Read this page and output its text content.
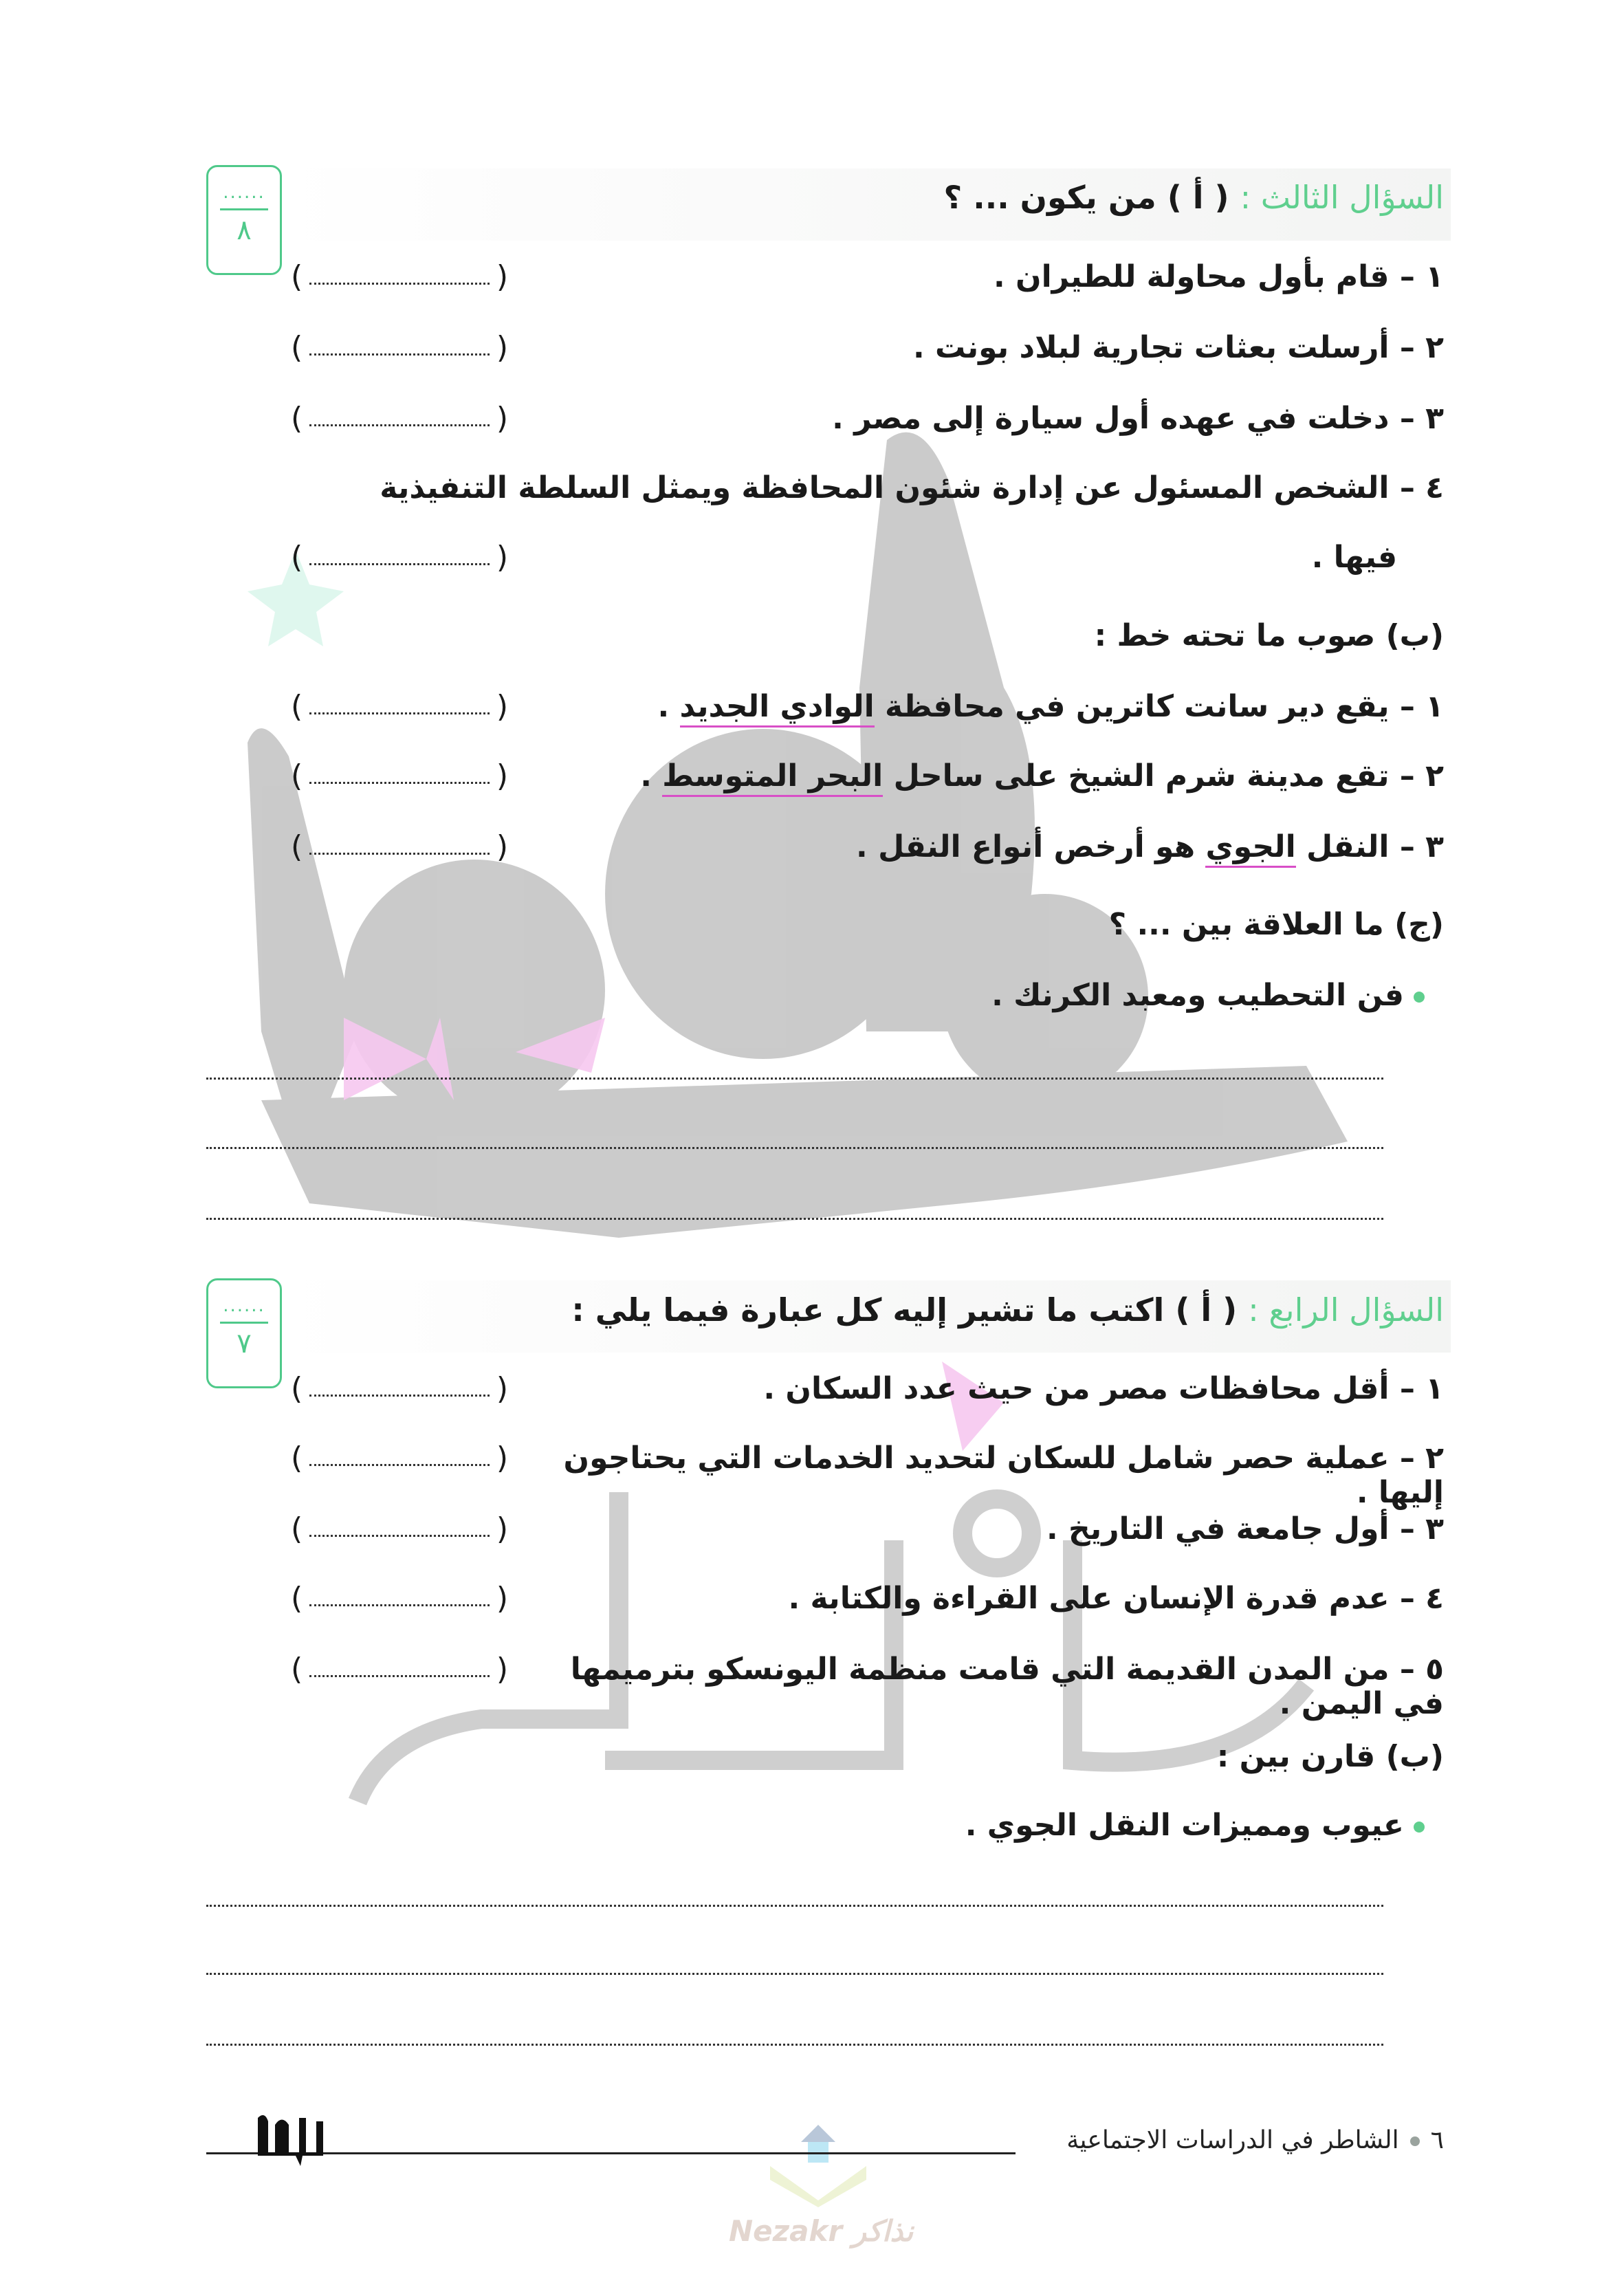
......
٨
السؤال الثالث : ( أ ) من يكون ... ؟
١ – قام بأول محاولة للطيران .
(	)
٢ – أرسلت بعثات تجارية لبلاد بونت .
(	)
٣ – دخلت في عهده أول سيارة إلى مصر .
(	)
٤ – الشخص المسئول عن إدارة شئون المحافظة ويمثل السلطة التنفيذية
فيها .
(	)
(ب) صوب ما تحته خط :
١ – يقع دير سانت كاترين في محافظة الوادي الجديد .
(	)
٢ – تقع مدينة شرم الشيخ على ساحل البحر المتوسط .
(	)
٣ – النقل الجوي هو أرخص أنواع النقل .
(	)
(ج) ما العلاقة بين ... ؟
فن التحطيب ومعبد الكرنك .
......
٧
السؤال الرابع : ( أ ) اكتب ما تشير إليه كل عبارة فيما يلي :
١ – أقل محافظات مصر من حيث عدد السكان .
(	)
٢ – عملية حصر شامل للسكان لتحديد الخدمات التي يحتاجون إليها .
(	)
٣ – أول جامعة في التاريخ .
(	)
٤ – عدم قدرة الإنسان على القراءة والكتابة .
(	)
٥ – من المدن القديمة التي قامت منظمة اليونسكو بترميمها في اليمن .
(	)
(ب) قارن بين :
عيوب ومميزات النقل الجوي .
٦الشاطر في الدراسات الاجتماعية
Nezakr نذاكر
